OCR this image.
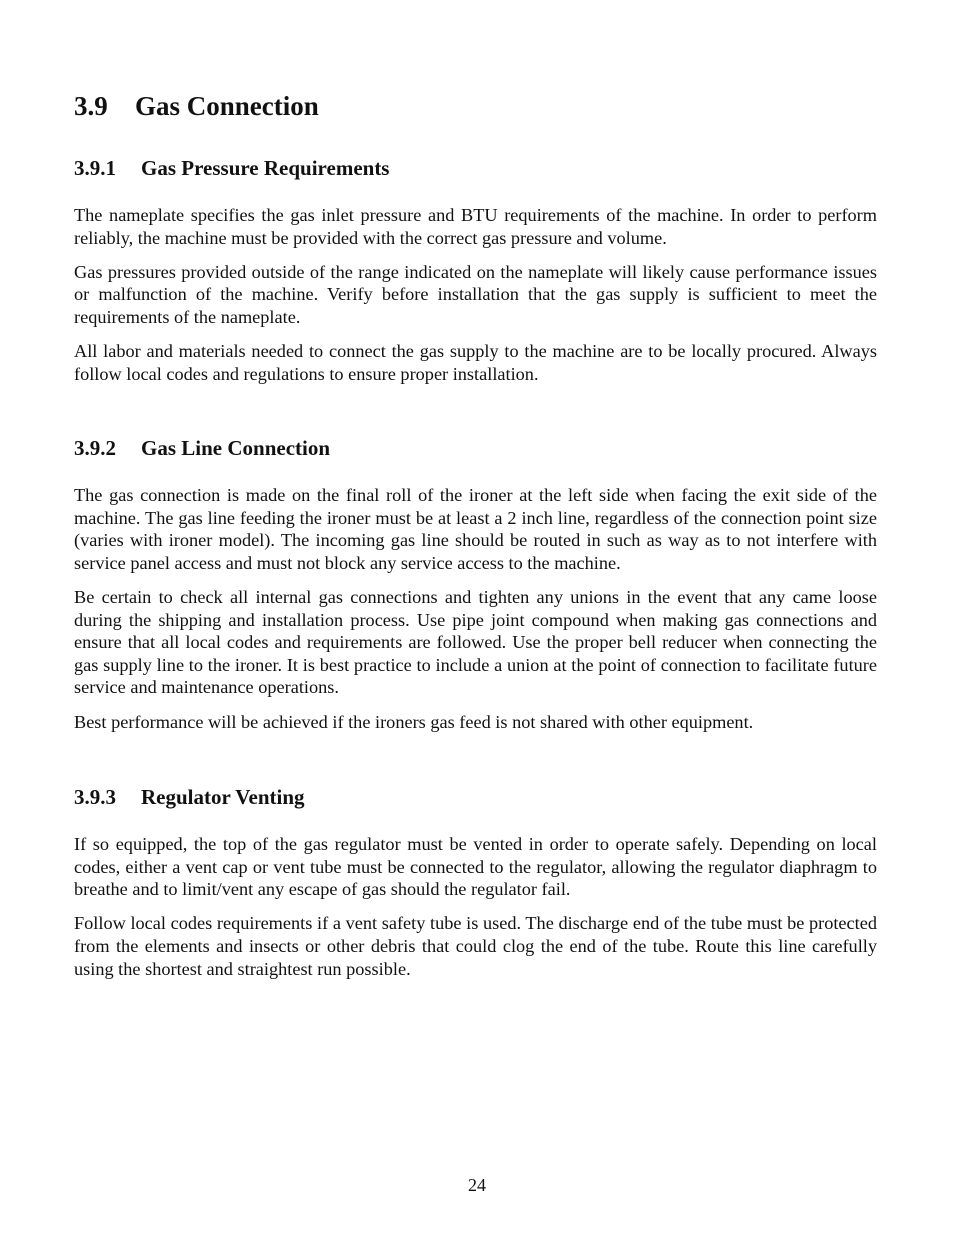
3.9	Gas Connection
3.9.1	Gas Pressure Requirements

The nameplate specifies the gas inlet pressure and BTU requirements of the machine. In order to perform reliably, the machine must be provided with the correct gas pressure and volume.

Gas pressures provided outside of the range indicated on the nameplate will likely cause performance issues or malfunction of the machine. Verify before installation that the gas supply is sufficient to meet the requirements of the nameplate.

All labor and materials needed to connect the gas supply to the machine are to be locally procured. Always follow local codes and regulations to ensure proper installation.

3.9.2	Gas Line Connection

The gas connection is made on the final roll of the ironer at the left side when facing the exit side of the machine. The gas line feeding the ironer must be at least a 2 inch line, regardless of the connection point size (varies with ironer model). The incoming gas line should be routed in such as way as to not interfere with service panel access and must not block any service access to the machine.

Be certain to check all internal gas connections and tighten any unions in the event that any came loose during the shipping and installation process. Use pipe joint compound when making gas connections and ensure that all local codes and requirements are followed. Use the proper bell reducer when connecting the gas supply line to the ironer. It is best practice to include a union at the point of connection to facilitate future service and maintenance operations.

Best performance will be achieved if the ironers gas feed is not shared with other equipment.

3.9.3	Regulator Venting

If so equipped, the top of the gas regulator must be vented in order to operate safely. Depending on local codes, either a vent cap or vent tube must be connected to the regulator, allowing the regulator diaphragm to breathe and to limit/vent any escape of gas should the regulator fail.

Follow local codes requirements if a vent safety tube is used. The discharge end of the tube must be protected from the elements and insects or other debris that could clog the end of the tube. Route this line carefully using the shortest and straightest run possible.

24
